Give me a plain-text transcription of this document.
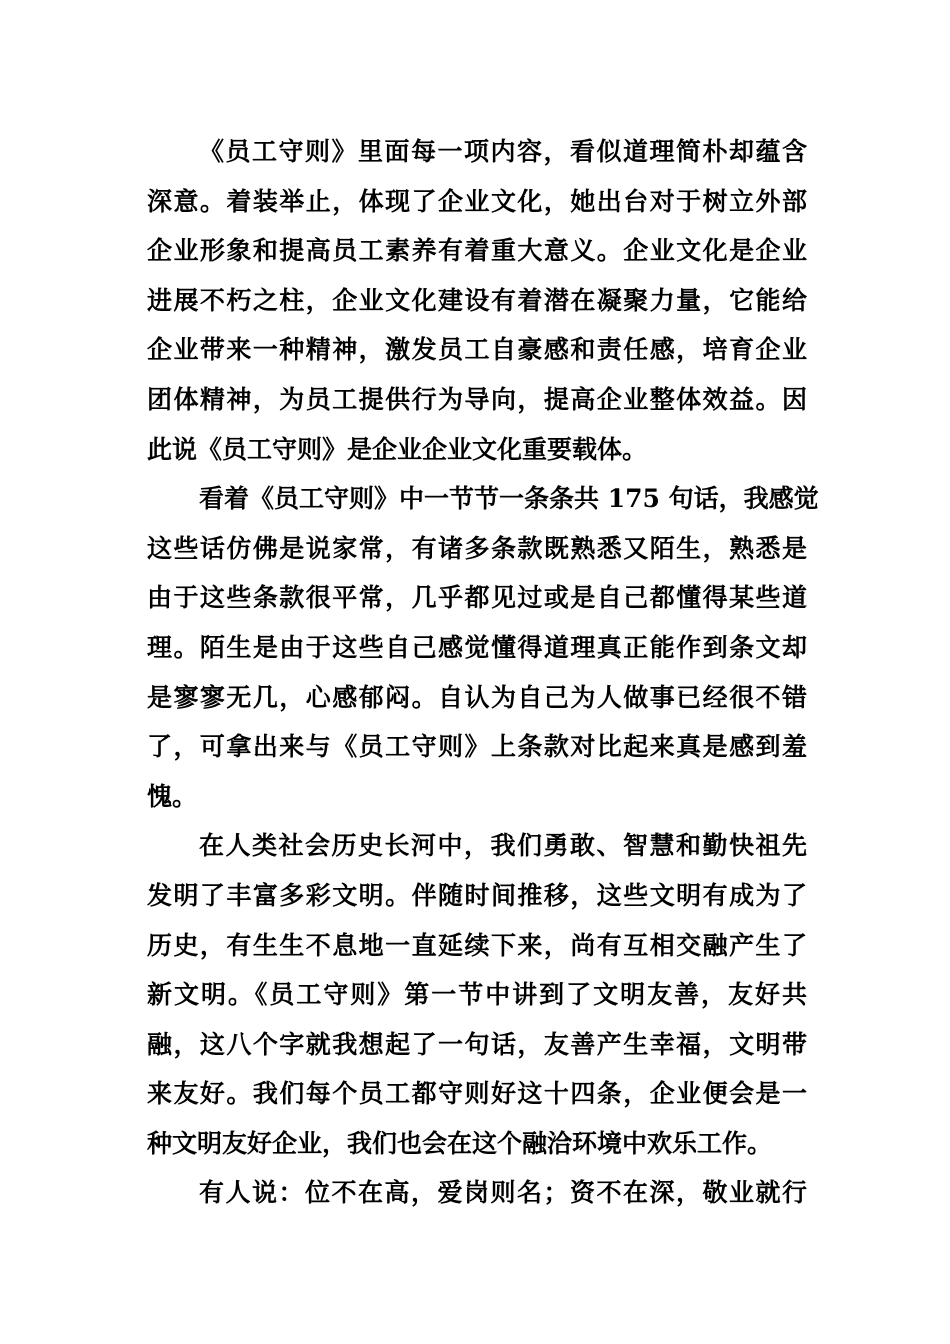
《员工守则》里面每一项内容，看似道理简朴却蕴含
深意。着装举止，体现了企业文化，她出台对于树立外部
企业形象和提高员工素养有着重大意义。企业文化是企业
进展不朽之柱，企业文化建设有着潜在凝聚力量，它能给
企业带来一种精神，激发员工自豪感和责任感，培育企业
团体精神，为员工提供行为导向，提高企业整体效益。因
此说《员工守则》是企业企业文化重要载体。
看着《员工守则》中一节节一条条共 175 句话，我感觉
这些话仿佛是说家常，有诸多条款既熟悉又陌生，熟悉是
由于这些条款很平常，几乎都见过或是自己都懂得某些道
理。陌生是由于这些自己感觉懂得道理真正能作到条文却
是寥寥无几，心感郁闷。自认为自己为人做事已经很不错
了，可拿出来与《员工守则》上条款对比起来真是感到羞
愧。
在人类社会历史长河中，我们勇敢、智慧和勤快祖先
发明了丰富多彩文明。伴随时间推移，这些文明有成为了
历史，有生生不息地一直延续下来，尚有互相交融产生了
新文明。《员工守则》第一节中讲到了文明友善，友好共
融，这八个字就我想起了一句话，友善产生幸福，文明带
来友好。我们每个员工都守则好这十四条，企业便会是一
种文明友好企业，我们也会在这个融洽环境中欢乐工作。
有人说：位不在高，爱岗则名；资不在深，敬业就行
